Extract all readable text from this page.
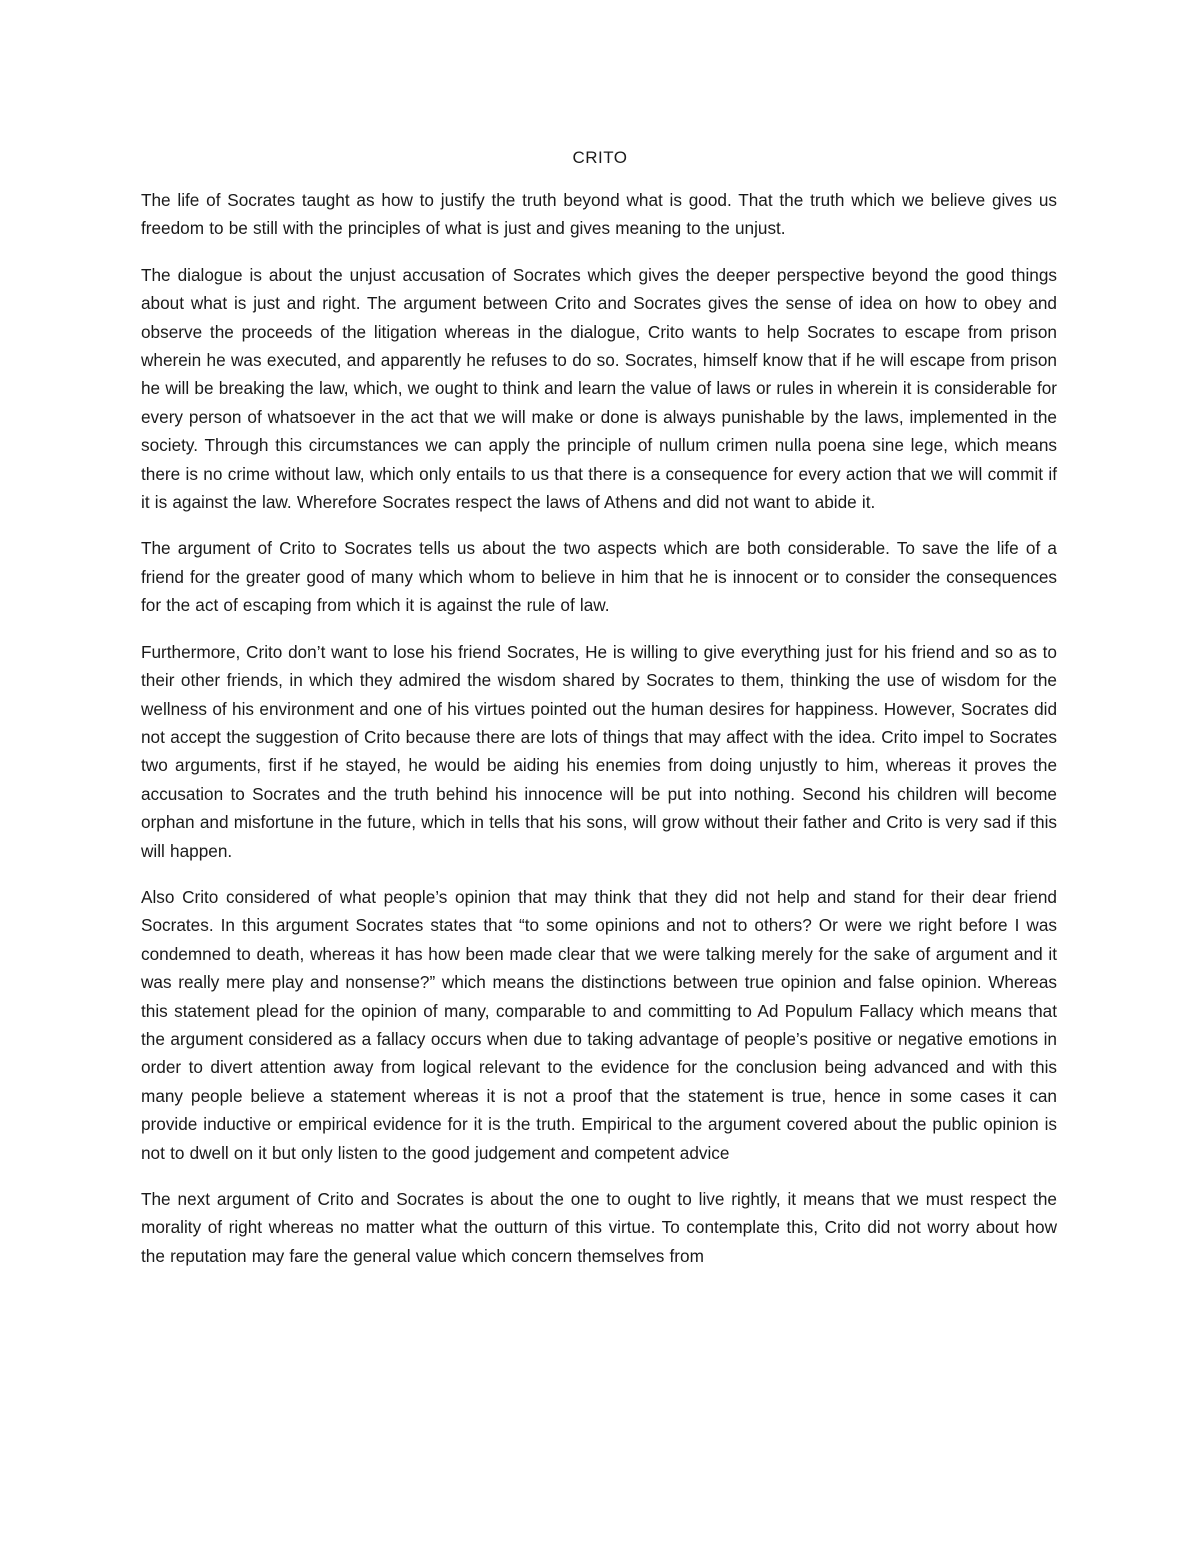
CRITO

The life of Socrates taught as how to justify the truth beyond what is good. That the truth which we believe gives us freedom to be still with the principles of what is just and gives meaning to the unjust.

The dialogue is about the unjust accusation of Socrates which gives the deeper perspective beyond the good things about what is just and right. The argument between Crito and Socrates gives the sense of idea on how to obey and observe the proceeds of the litigation whereas in the dialogue, Crito wants to help Socrates to escape from prison wherein he was executed, and apparently he refuses to do so. Socrates, himself know that if he will escape from prison he will be breaking the law, which, we ought to think and learn the value of laws or rules in wherein it is considerable for every person of whatsoever in the act that we will make or done is always punishable by the laws, implemented in the society. Through this circumstances we can apply the principle of nullum crimen nulla poena sine lege, which means there is no crime without law, which only entails to us that there is a consequence for every action that we will commit if it is against the law. Wherefore Socrates respect the laws of Athens and did not want to abide it.

The argument of Crito to Socrates tells us about the two aspects which are both considerable. To save the life of a friend for the greater good of many which whom to believe in him that he is innocent or to consider the consequences for the act of escaping from which it is against the rule of law.

Furthermore, Crito don’t want to lose his friend Socrates, He is willing to give everything just for his friend and so as to their other friends, in which they admired the wisdom shared by Socrates to them, thinking the use of wisdom for the wellness of his environment and one of his virtues pointed out the human desires for happiness. However, Socrates did not accept the suggestion of Crito because there are lots of things that may affect with the idea. Crito impel to Socrates two arguments, first if he stayed, he would be aiding his enemies from doing unjustly to him, whereas it proves the accusation to Socrates and the truth behind his innocence will be put into nothing. Second his children will become orphan and misfortune in the future, which in tells that his sons, will grow without their father and Crito is very sad if this will happen.

Also Crito considered of what people’s opinion that may think that they did not help and stand for their dear friend Socrates. In this argument Socrates states that “to some opinions and not to others? Or were we right before I was condemned to death, whereas it has how been made clear that we were talking merely for the sake of argument and it was really mere play and nonsense?” which means the distinctions between true opinion and false opinion. Whereas this statement plead for the opinion of many, comparable to and committing to Ad Populum Fallacy which means that the argument considered as a fallacy occurs when due to taking advantage of people’s positive or negative emotions in order to divert attention away from logical relevant to the evidence for the conclusion being advanced and with this many people believe a statement whereas it is not a proof that the statement is true, hence in some cases it can provide inductive or empirical evidence for it is the truth. Empirical to the argument covered about the public opinion is not to dwell on it but only listen to the good judgement and competent advice

The next argument of Crito and Socrates is about the one to ought to live rightly, it means that we must respect the morality of right whereas no matter what the outturn of this virtue. To contemplate this, Crito did not worry about how the reputation may fare the general value which concern themselves from
